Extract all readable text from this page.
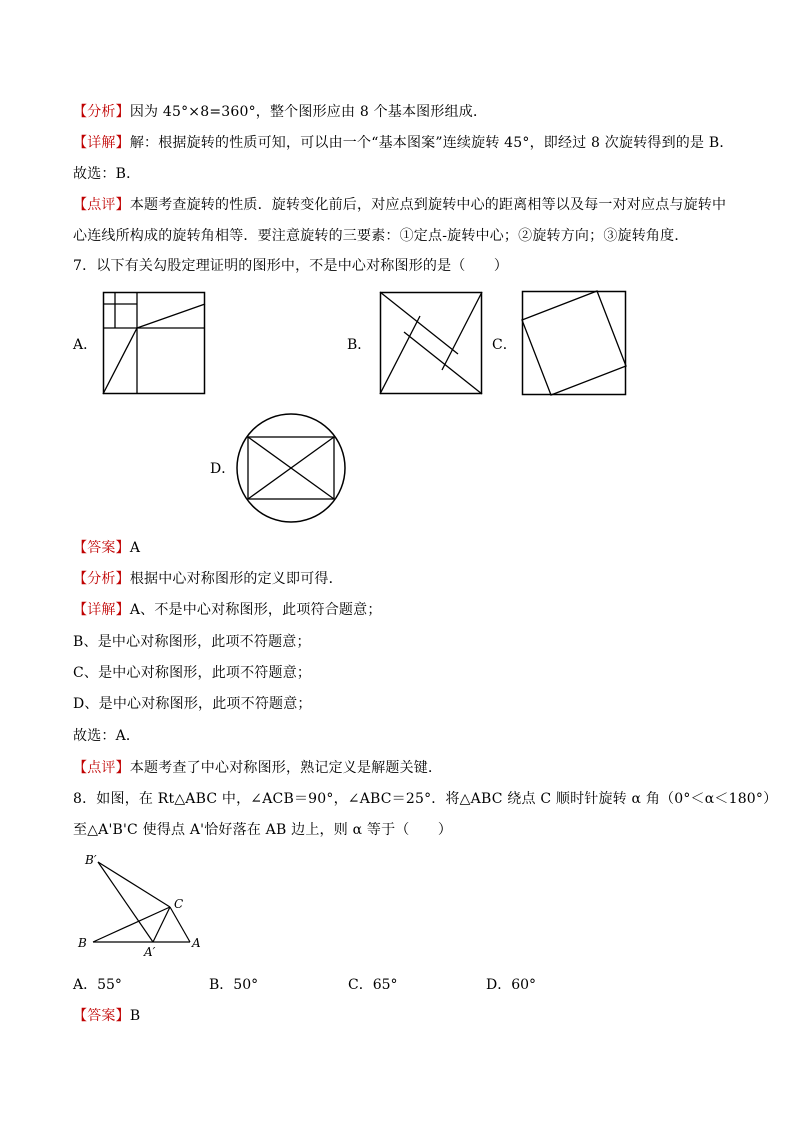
【分析】因为 45°×8=360°，整个图形应由 8 个基本图形组成．
【详解】解：根据旋转的性质可知，可以由一个“基本图案”连续旋转 45°，即经过 8 次旋转得到的是 B．
故选：B．
【点评】本题考查旋转的性质．旋转变化前后，对应点到旋转中心的距离相等以及每一对对应点与旋转中
心连线所构成的旋转角相等．要注意旋转的三要素：①定点-旋转中心；②旋转方向；③旋转角度．
7．以下有关勾股定理证明的图形中，不是中心对称图形的是（　　）
A．	B．	C．
D．
【答案】A
【分析】根据中心对称图形的定义即可得．
【详解】A、不是中心对称图形，此项符合题意；
B、是中心对称图形，此项不符题意；
C、是中心对称图形，此项不符题意；
D、是中心对称图形，此项不符题意；
故选：A．
【点评】本题考查了中心对称图形，熟记定义是解题关键．
8．如图，在 Rt△ABC 中，∠ACB＝90°，∠ABC＝25°．将△ABC 绕点 C 顺时针旋转 α 角（0°＜α＜180°）
至△A'B'C 使得点 A'恰好落在 AB 边上，则 α 等于（　　）
B′
C
B	A
A′
A．55°	B．50°	C．65°	D．60°
【答案】B
